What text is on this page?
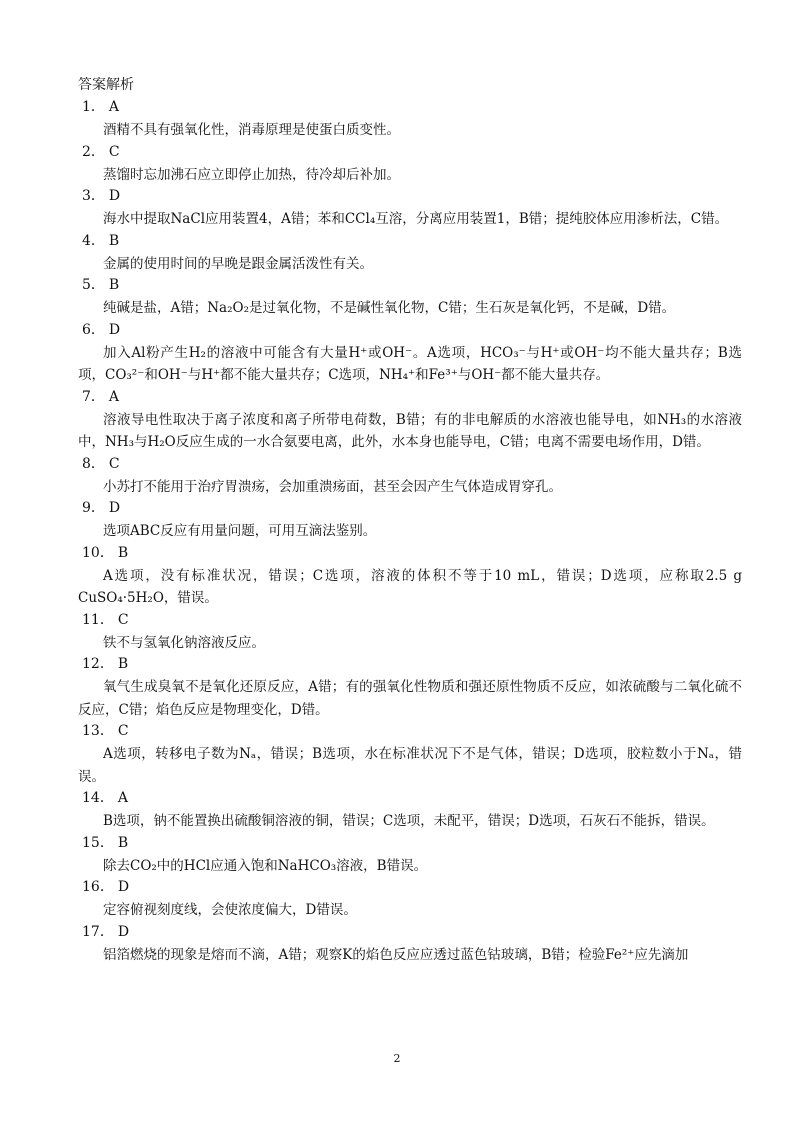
答案解析
1． A
酒精不具有强氧化性，消毒原理是使蛋白质变性。
2． C
蒸馏时忘加沸石应立即停止加热，待冷却后补加。
3． D
海水中提取NaCl应用装置4，A错；苯和CCl₄互溶，分离应用装置1，B错；提纯胶体应用渗析法，C错。
4． B
金属的使用时间的早晚是跟金属活泼性有关。
5． B
纯碱是盐，A错；Na₂O₂是过氧化物，不是碱性氧化物，C错；生石灰是氧化钙，不是碱，D错。
6． D
加入Al粉产生H₂的溶液中可能含有大量H⁺或OH⁻。A选项，HCO₃⁻与H⁺或OH⁻均不能大量共存；B选项，CO₃²⁻和OH⁻与H⁺都不能大量共存；C选项，NH₄⁺和Fe³⁺与OH⁻都不能大量共存。
7． A
溶液导电性取决于离子浓度和离子所带电荷数，B错；有的非电解质的水溶液也能导电，如NH₃的水溶液中，NH₃与H₂O反应生成的一水合氨要电离，此外，水本身也能导电，C错；电离不需要电场作用，D错。
8． C
小苏打不能用于治疗胃溃疡，会加重溃疡面，甚至会因产生气体造成胃穿孔。
9． D
选项ABC反应有用量问题，可用互滴法鉴别。
10． B
A选项，没有标准状况，错误；C选项，溶液的体积不等于10 mL，错误；D选项，应称取2.5 g CuSO₄·5H₂O，错误。
11． C
铁不与氢氧化钠溶液反应。
12． B
氧气生成臭氧不是氧化还原反应，A错；有的强氧化性物质和强还原性物质不反应，如浓硫酸与二氧化硫不反应，C错；焰色反应是物理变化，D错。
13． C
A选项，转移电子数为Nₐ，错误；B选项，水在标准状况下不是气体，错误；D选项，胶粒数小于Nₐ，错误。
14． A
B选项，钠不能置换出硫酸铜溶液的铜，错误；C选项，未配平，错误；D选项，石灰石不能拆，错误。
15． B
除去CO₂中的HCl应通入饱和NaHCO₃溶液，B错误。
16． D
定容俯视刻度线，会使浓度偏大，D错误。
17． D
铝箔燃烧的现象是熔而不滴，A错；观察K的焰色反应应透过蓝色钴玻璃，B错；检验Fe²⁺应先滴加
2
